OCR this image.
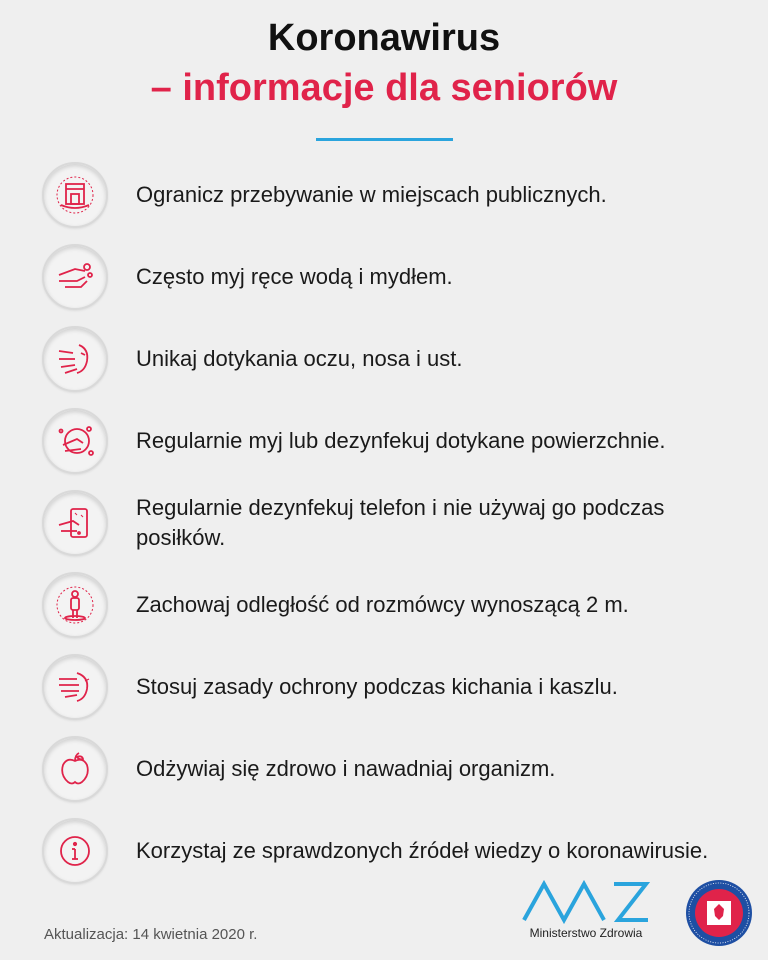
Koronawirus
– informacje dla seniorów
Ogranicz przebywanie w miejscach publicznych.
Często myj ręce wodą i mydłem.
Unikaj dotykania oczu, nosa i ust.
Regularnie myj lub dezynfekuj dotykane powierzchnie.
Regularnie dezynfekuj telefon i nie używaj go podczas posiłków.
Zachowaj odległość od rozmówcy wynoszącą 2 m.
Stosuj zasady ochrony podczas kichania i kaszlu.
Odżywiaj się zdrowo i nawadniaj organizm.
Korzystaj ze sprawdzonych źródeł wiedzy o koronawirusie.
Aktualizacja: 14 kwietnia 2020 r.	Ministerstwo Zdrowia
